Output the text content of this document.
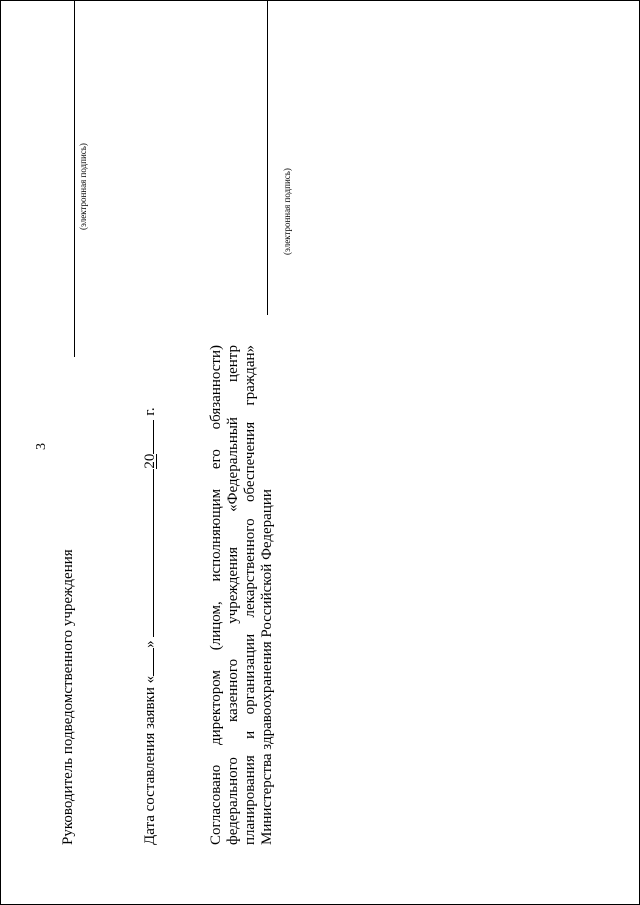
3
Руководитель подведомственного учреждения
(электронная подпись)
Дата составления заявки «» 20г.	Согласовано директором (лицом, исполняющим его обязанности) федерального казенного учреждения «Федеральный центр планирования и организации лекарственного обеспечения граждан» Министерства здравоохранения Российской Федерации
(электронная подпись)
